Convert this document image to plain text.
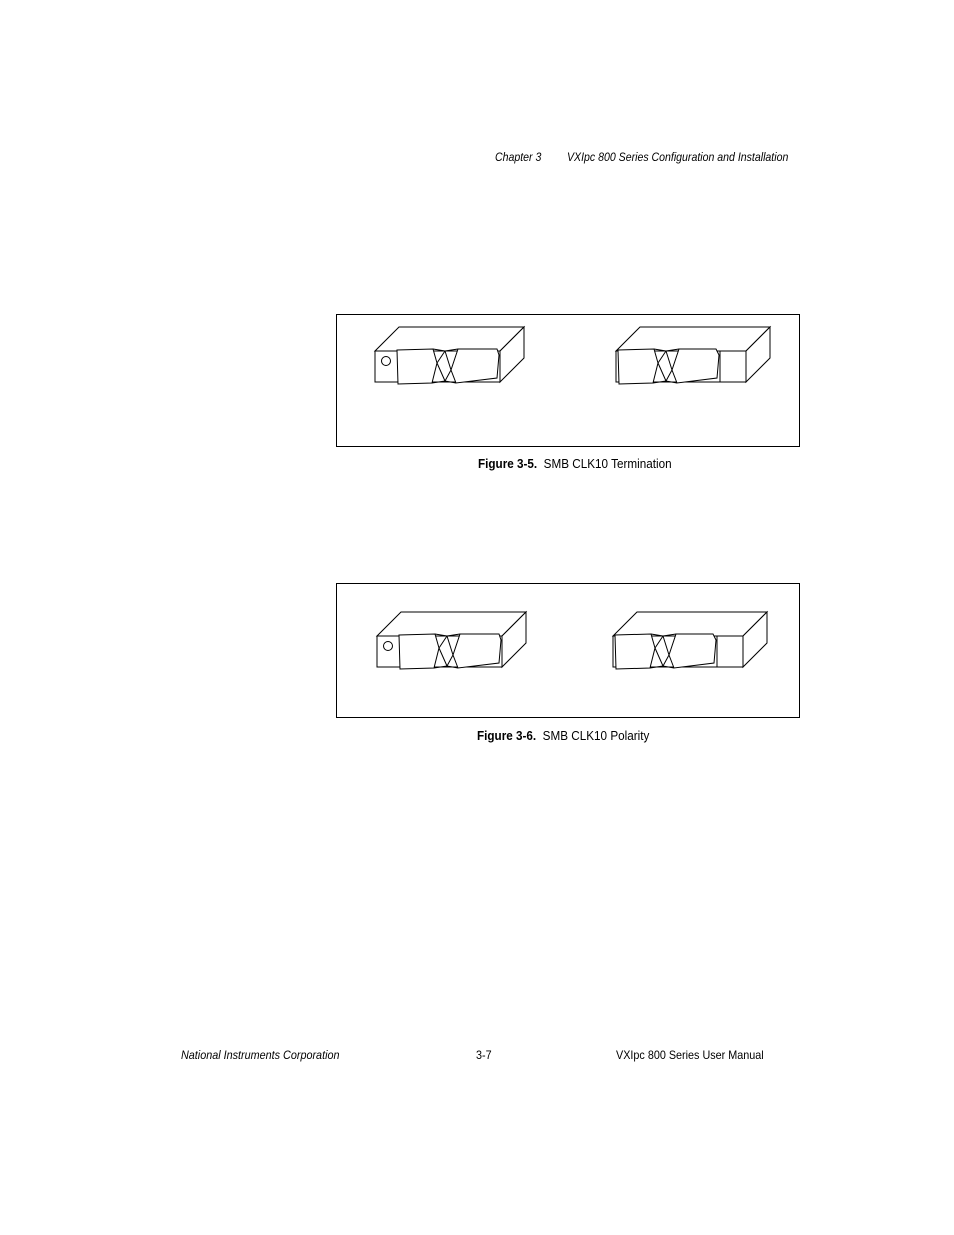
Chapter 3 VXIpc 800 Series Configuration and Installation
Figure 3-5. SMB CLK10 Termination
Figure 3-6. SMB CLK10 Polarity
National Instruments Corporation	3-7	VXIpc 800 Series User Manual
